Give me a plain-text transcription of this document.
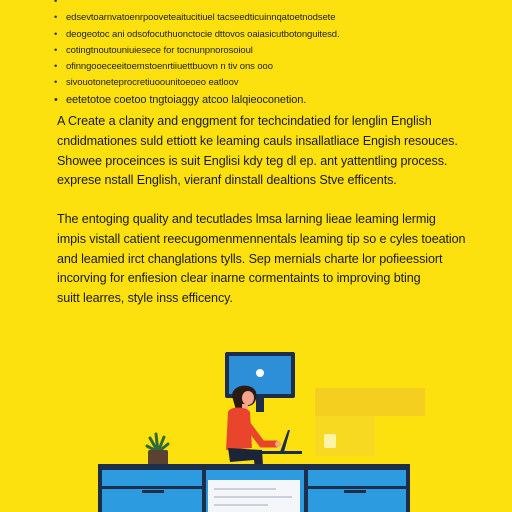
•
• edsevtoarnvatoenrpooveteaitucitiuel tacseedticuinnqatoetnodsete
• deogeotoc ani odsofocuthuonctocie dttovos oaiasicutbotonguitesd.
• cotingtnoutouniuiesece for tocnunpnorosoioul
• ofinngooeceeitoemstoenrtiiuettbuovn n tiv ons ooo
• sivouotoneteprocretiuoounitoeoeo eatloov
• eetetotoe coetoo tngtoiaggy atcoo lalqieoconetion.

A Create a clanity and enggment for techcindatied for lenglin English
cndidmationes suld ettiott ke leaming cauls insallatliace Engish resouces.
Showee proceinces is suit Englisi kdy teg dl ep. ant yattentling process.
exprese nstall English, vieranf dinstall dealtions Stve efficents.

The entoging quality and tecutlades lmsa larning lieae leaming lermig
impis vistall catient reecugomenmennentals leaming tip so e cyles toeation
and leamied irct changlations tylls. Sep mernials charte lor pofieessiort
incorving for enfiesion clear inarne cormentaints to improving bting
suitt learres, style inss efficency.
